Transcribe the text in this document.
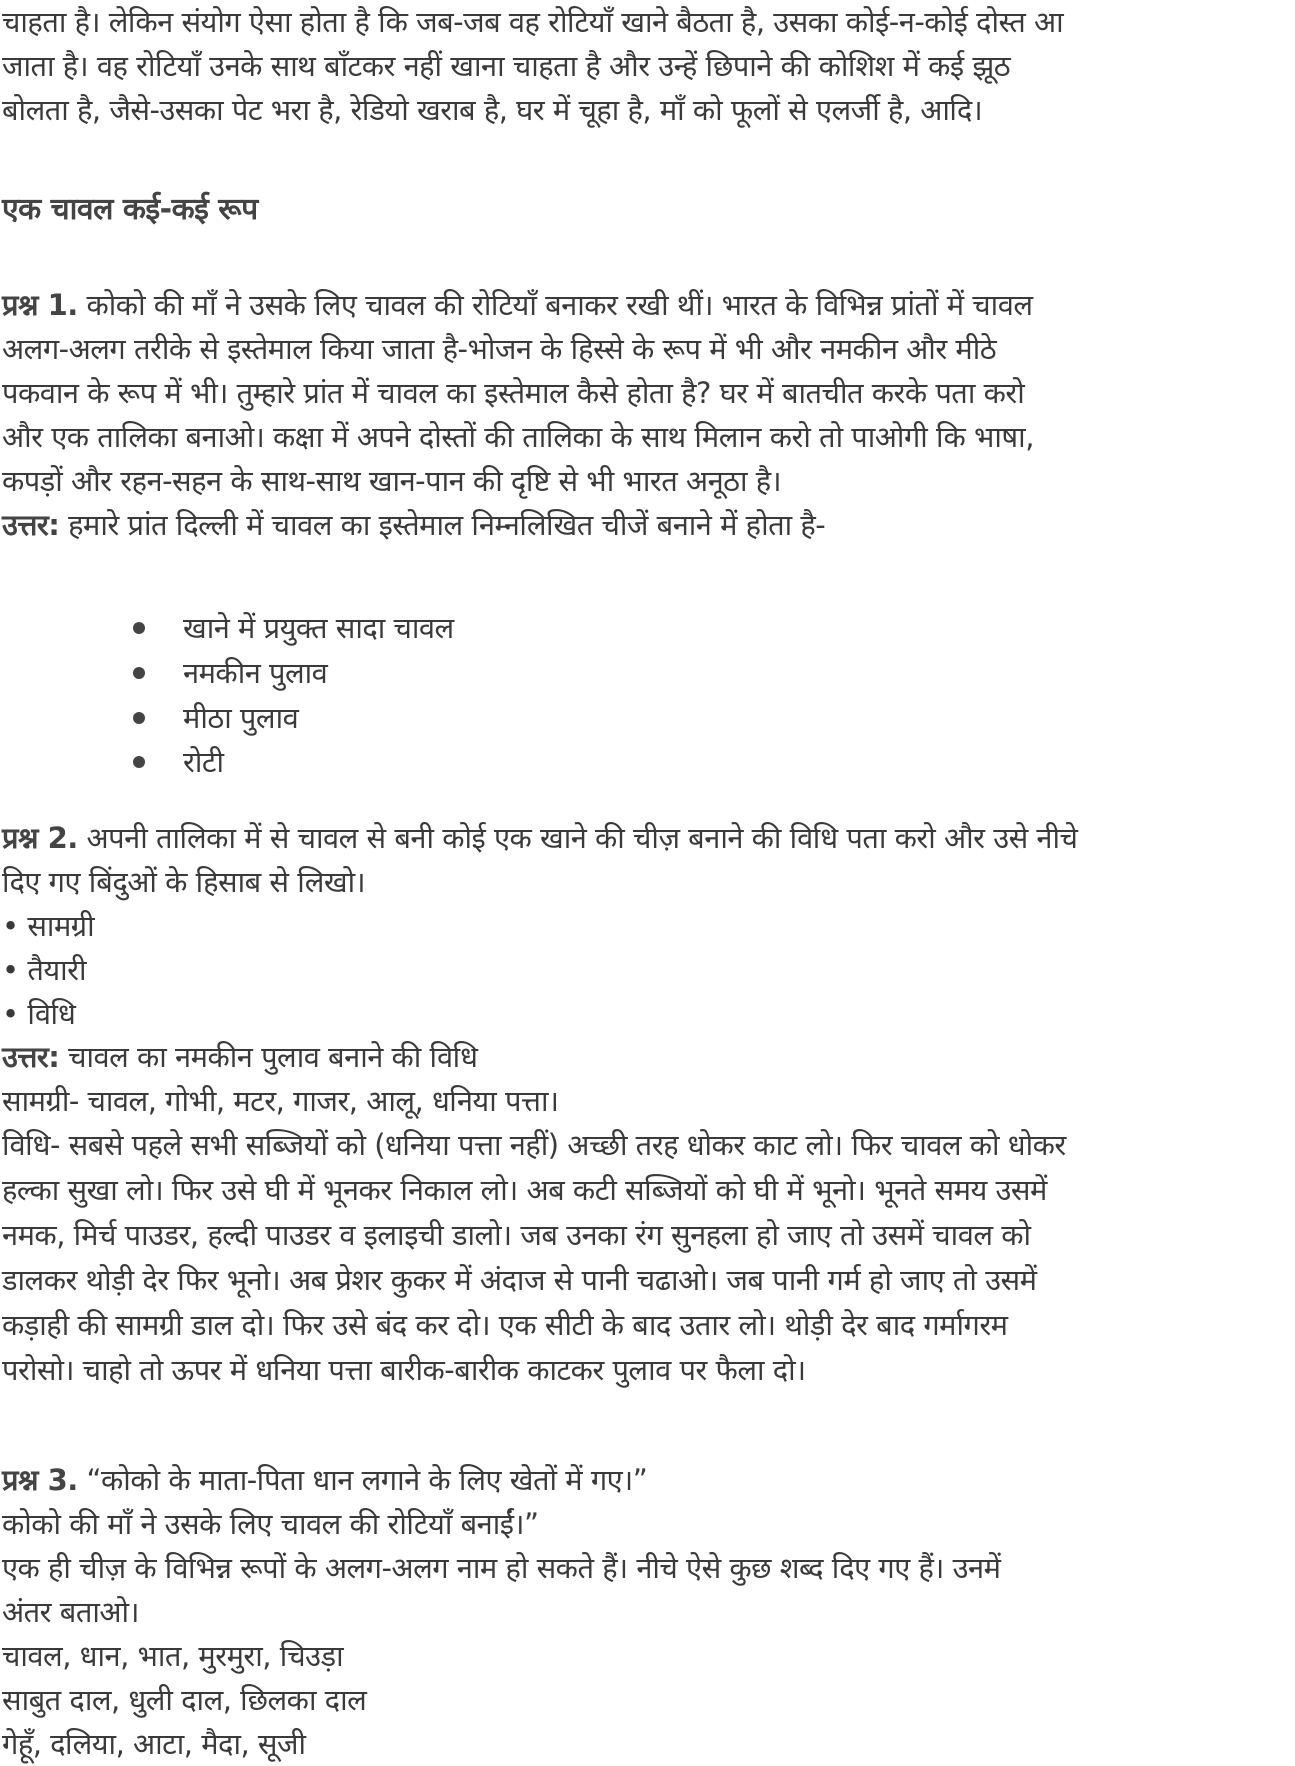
चाहता है। लेकिन संयोग ऐसा होता है कि जब-जब वह रोटियाँ खाने बैठता है, उसका कोई-न-कोई दोस्त आ
जाता है। वह रोटियाँ उनके साथ बाँटकर नहीं खाना चाहता है और उन्हें छिपाने की कोशिश में कई झूठ
बोलता है, जैसे-उसका पेट भरा है, रेडियो खराब है, घर में चूहा है, माँ को फूलों से एलर्जी है, आदि।
एक चावल कई-कई रूप
प्रश्न 1. कोको की माँ ने उसके लिए चावल की रोटियाँ बनाकर रखी थीं। भारत के विभिन्न प्रांतों में चावल
अलग-अलग तरीके से इस्तेमाल किया जाता है-भोजन के हिस्से के रूप में भी और नमकीन और मीठे
पकवान के रूप में भी। तुम्हारे प्रांत में चावल का इस्तेमाल कैसे होता है? घर में बातचीत करके पता करो
और एक तालिका बनाओ। कक्षा में अपने दोस्तों की तालिका के साथ मिलान करो तो पाओगी कि भाषा,
कपड़ों और रहन-सहन के साथ-साथ खान-पान की दृष्टि से भी भारत अनूठा है।
उत्तर: हमारे प्रांत दिल्ली में चावल का इस्तेमाल निम्नलिखित चीजें बनाने में होता है-
खाने में प्रयुक्त सादा चावल
नमकीन पुलाव
मीठा पुलाव
रोटी
प्रश्न 2. अपनी तालिका में से चावल से बनी कोई एक खाने की चीज़ बनाने की विधि पता करो और उसे नीचे
दिए गए बिंदुओं के हिसाब से लिखो।
• सामग्री
• तैयारी
• विधि
उत्तर: चावल का नमकीन पुलाव बनाने की विधि
सामग्री- चावल, गोभी, मटर, गाजर, आलू, धनिया पत्ता।
विधि- सबसे पहले सभी सब्जियों को (धनिया पत्ता नहीं) अच्छी तरह धोकर काट लो। फिर चावल को धोकर
हल्का सुखा लो। फिर उसे घी में भूनकर निकाल लो। अब कटी सब्जियों को घी में भूनो। भूनते समय उसमें
नमक, मिर्च पाउडर, हल्दी पाउडर व इलाइची डालो। जब उनका रंग सुनहला हो जाए तो उसमें चावल को
डालकर थोड़ी देर फिर भूनो। अब प्रेशर कुकर में अंदाज से पानी चढाओ। जब पानी गर्म हो जाए तो उसमें
कड़ाही की सामग्री डाल दो। फिर उसे बंद कर दो। एक सीटी के बाद उतार लो। थोड़ी देर बाद गर्मागरम
परोसो। चाहो तो ऊपर में धनिया पत्ता बारीक-बारीक काटकर पुलाव पर फैला दो।
प्रश्न 3. “कोको के माता-पिता धान लगाने के लिए खेतों में गए।”
कोको की माँ ने उसके लिए चावल की रोटियाँ बनाईं।”
एक ही चीज़ के विभिन्न रूपों के अलग-अलग नाम हो सकते हैं। नीचे ऐसे कुछ शब्द दिए गए हैं। उनमें
अंतर बताओ।
चावल, धान, भात, मुरमुरा, चिउड़ा
साबुत दाल, धुली दाल, छिलका दाल
गेहूँ, दलिया, आटा, मैदा, सूजी
